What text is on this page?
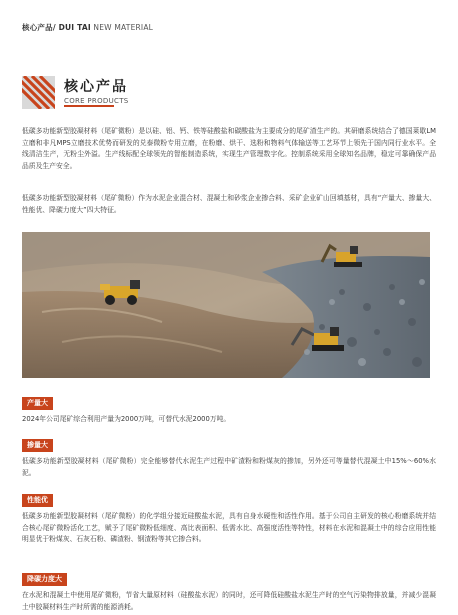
核心产品/ DUI TAI NEW MATERIAL
核心产品
CORE PRODUCTS

低碳多功能新型胶凝材料（尾矿微粉）是以硅、铝、钙、铁等硅酸盐和碳酸盐为主要成分的尾矿渣生产的。其研磨系统结合了德国莱歇LM立磨和非凡MPS立磨技术优势而研发的兑泰微粉专用立磨，在粉磨、烘干、选粉和物料气体输送等工艺环节上领先于国内同行业水平。全线清洁生产，无粉尘外溢。生产线标配全球领先的智能制造系统，实现生产管理数字化。控制系统采用全球知名品牌，稳定可靠确保产品品质及生产安全。

低碳多功能新型胶凝材料（尾矿微粉）作为水泥企业混合材、混凝土和砂浆企业掺合料、采矿企业矿山回填基材，具有“产量大、掺量大、性能优、降碳力度大”四大特征。

产量大

2024年公司尾矿综合利用产量为2000万吨，可替代水泥2000万吨。

掺量大

低碳多功能新型胶凝材料（尾矿微粉）完全能够替代水泥生产过程中矿渣粉和粉煤灰的掺加，另外还可等量替代混凝土中15%～60%水泥。

性能优

低碳多功能新型胶凝材料（尾矿微粉）的化学组分接近硅酸盐水泥，具有自身水硬性和活性作用。基于公司自主研发的核心粉磨系统并结合核心尾矿微粉活化工艺，赋予了尾矿微粉低细度、高比表面积、低需水比、高强度活性等特性，材料在水泥和混凝土中的综合应用性能明显优于粉煤灰、石灰石粉、磷渣粉、钢渣粉等其它掺合料。

降碳力度大

在水泥和混凝土中使用尾矿微粉，节省大量原材料（硅酸盐水泥）的同时，还可降低硅酸盐水泥生产时的空气污染物排放量，并减少混凝土中胶凝材料生产时所需的能源消耗。
